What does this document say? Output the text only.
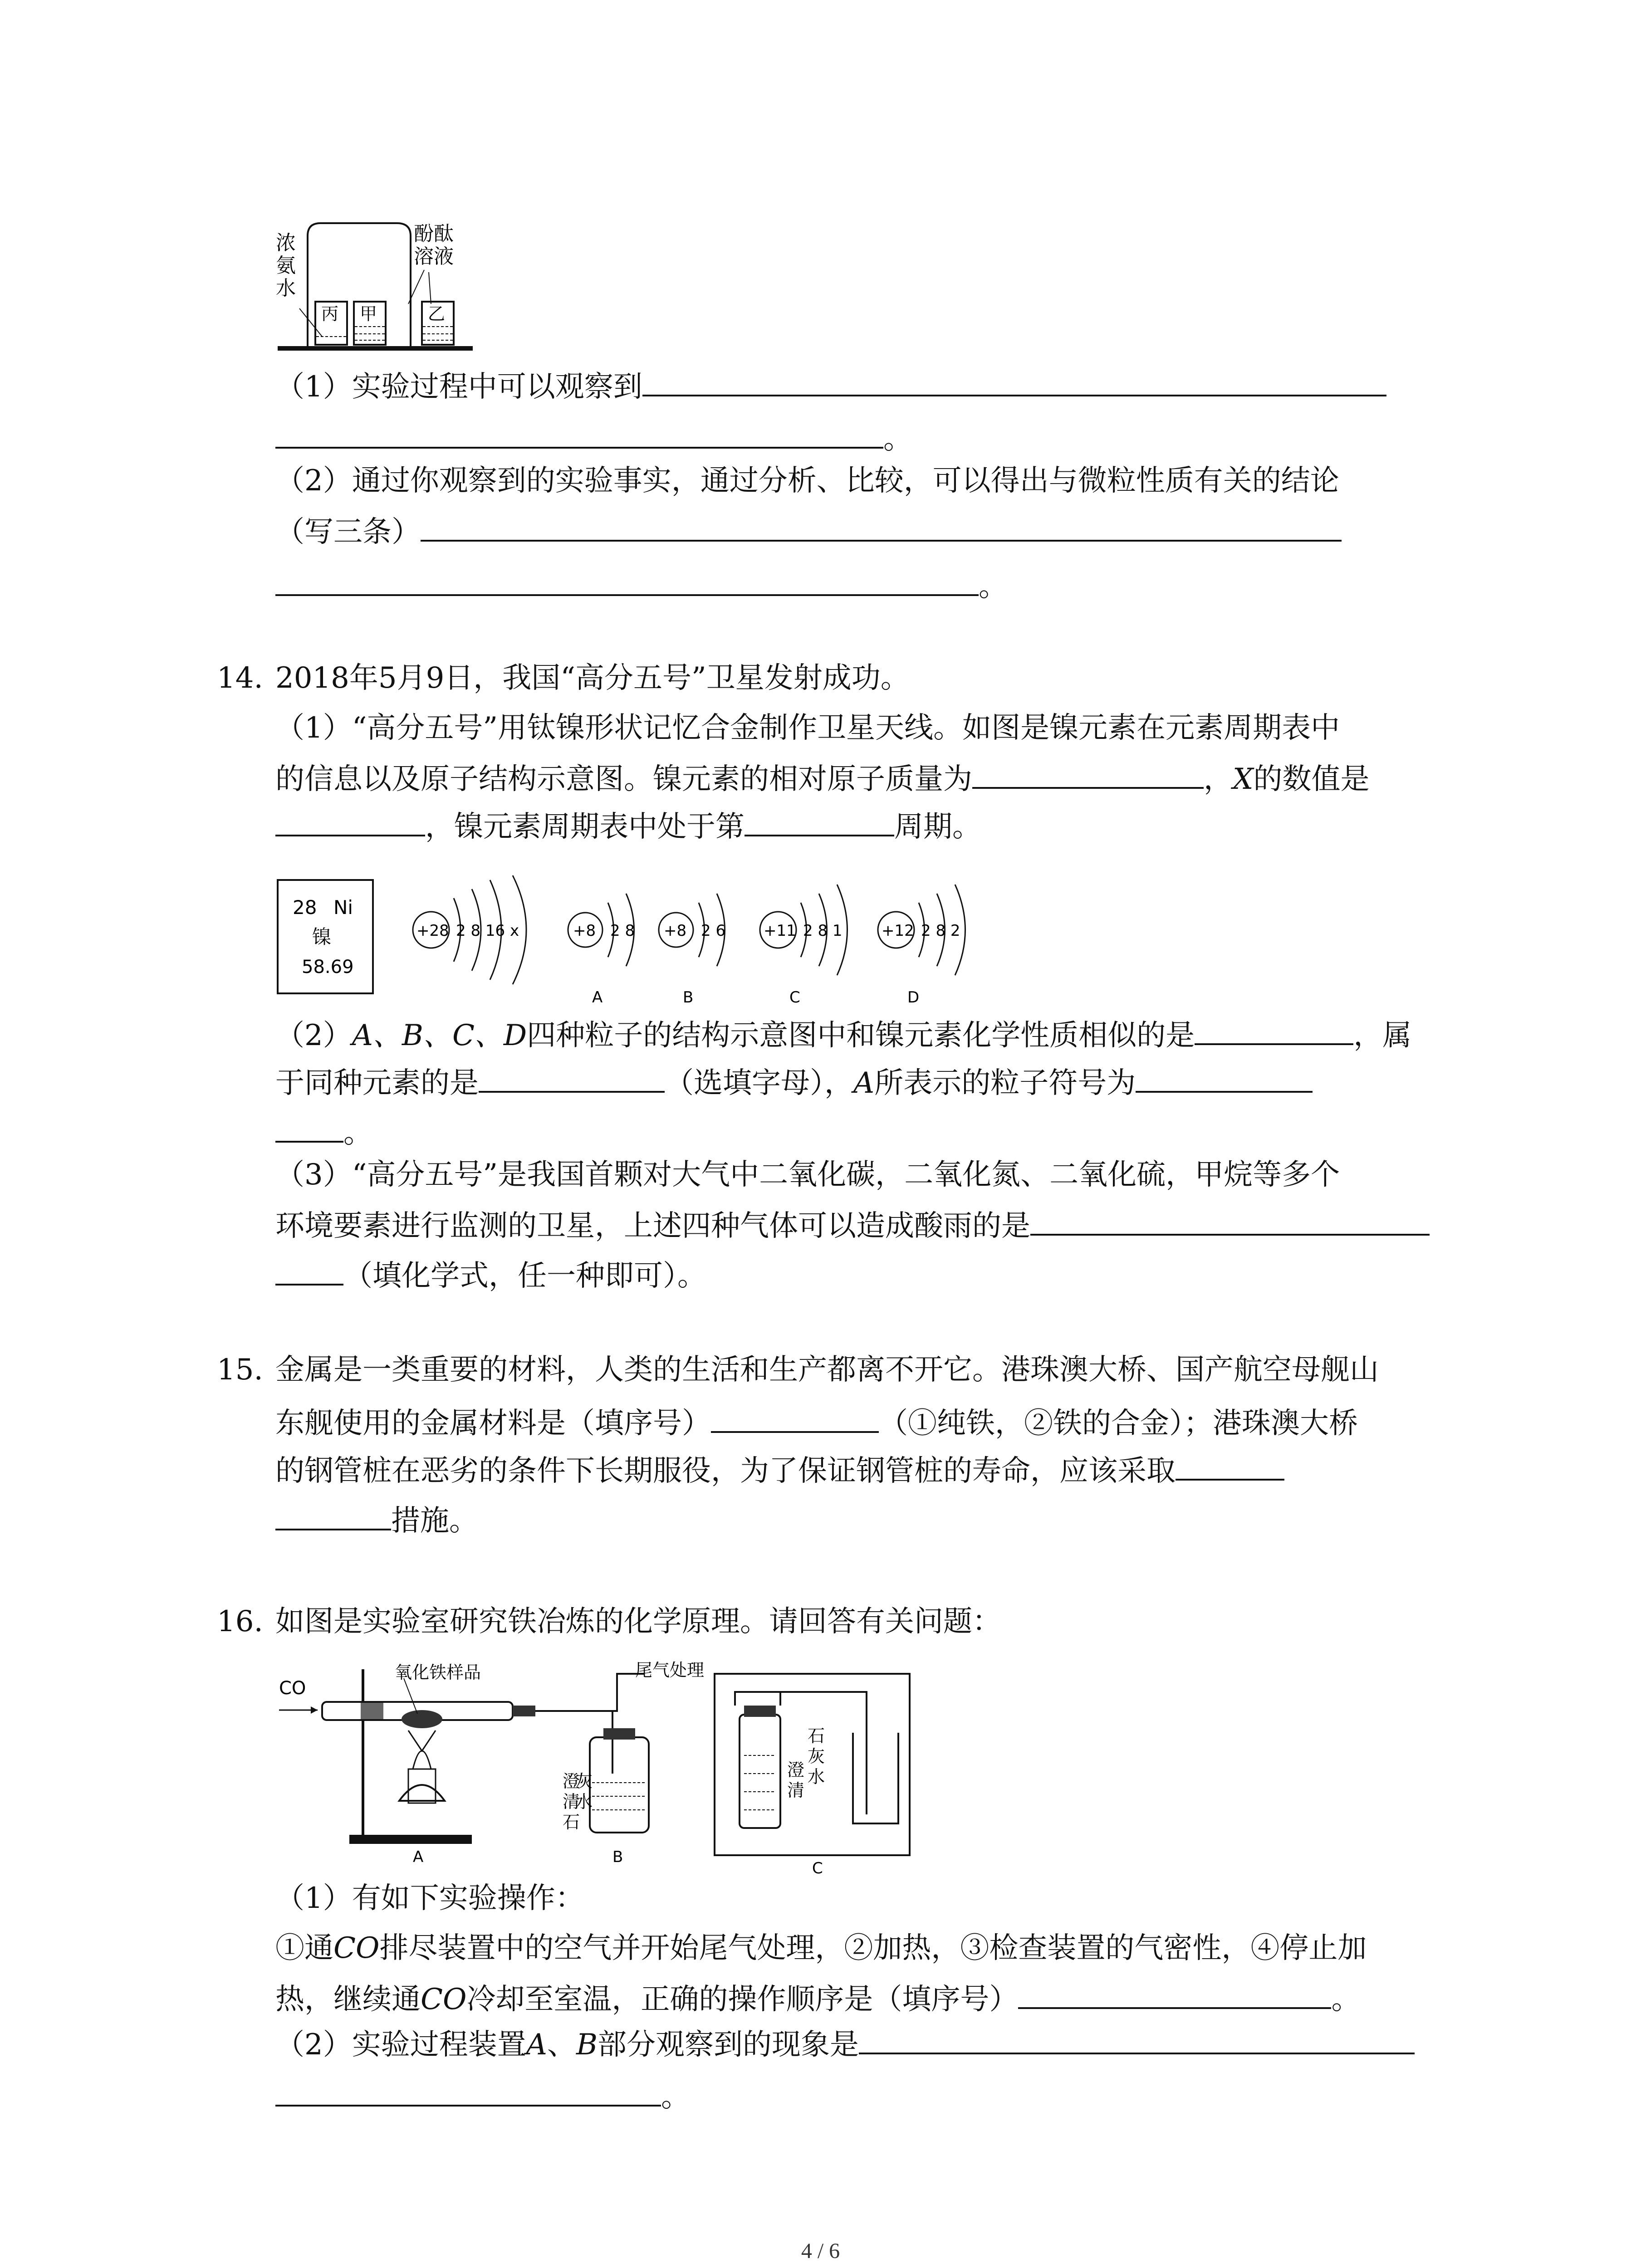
浓
氨
水
酚酞
溶液
丙 甲	乙
（1）实验过程中可以观察到
。
（2）通过你观察到的实验事实，通过分析、比较，可以得出与微粒性质有关的结论
（写三条）
。
14. 2018年5月9日，我国“高分五号”卫星发射成功。
（1）“高分五号”用钛镍形状记忆合金制作卫星天线。如图是镍元素在元素周期表中
的信息以及原子结构示意图。镍元素的相对原子质量为	，X的数值是
，镍元素周期表中处于第	周期。
28 Ni
镍
58.69
+28 2 8 16 x	+8 2 8
A
+8 2 6
B
+11 2 8 1
C
+12 2 8 2
D
（2）A、B、C、D四种粒子的结构示意图中和镍元素化学性质相似的是	，属
于同种元素的是	（选填字母），A所表示的粒子符号为
。
（3）“高分五号”是我国首颗对大气中二氧化碳，二氧化氮、二氧化硫，甲烷等多个
环境要素进行监测的卫星，上述四种气体可以造成酸雨的是
（填化学式，任一种即可）。
15. 金属是一类重要的材料，人类的生活和生产都离不开它。港珠澳大桥、国产航空母舰山
东舰使用的金属材料是（填序号）	（①纯铁，②铁的合金）；港珠澳大桥
的钢管桩在恶劣的条件下长期服役，为了保证钢管桩的寿命，应该采取
措施。
16. 如图是实验室研究铁冶炼的化学原理。请回答有关问题：
CO
氧化铁样品	尾气处理
澄
清
石
灰
水
A	B
澄
清
石
灰
水
C
（1）有如下实验操作：
①通CO排尽装置中的空气并开始尾气处理，②加热，③检查装置的气密性，④停止加
热，继续通CO冷却至室温，正确的操作顺序是（填序号）	。
（2）实验过程装置A、B部分观察到的现象是
。
4 / 6
